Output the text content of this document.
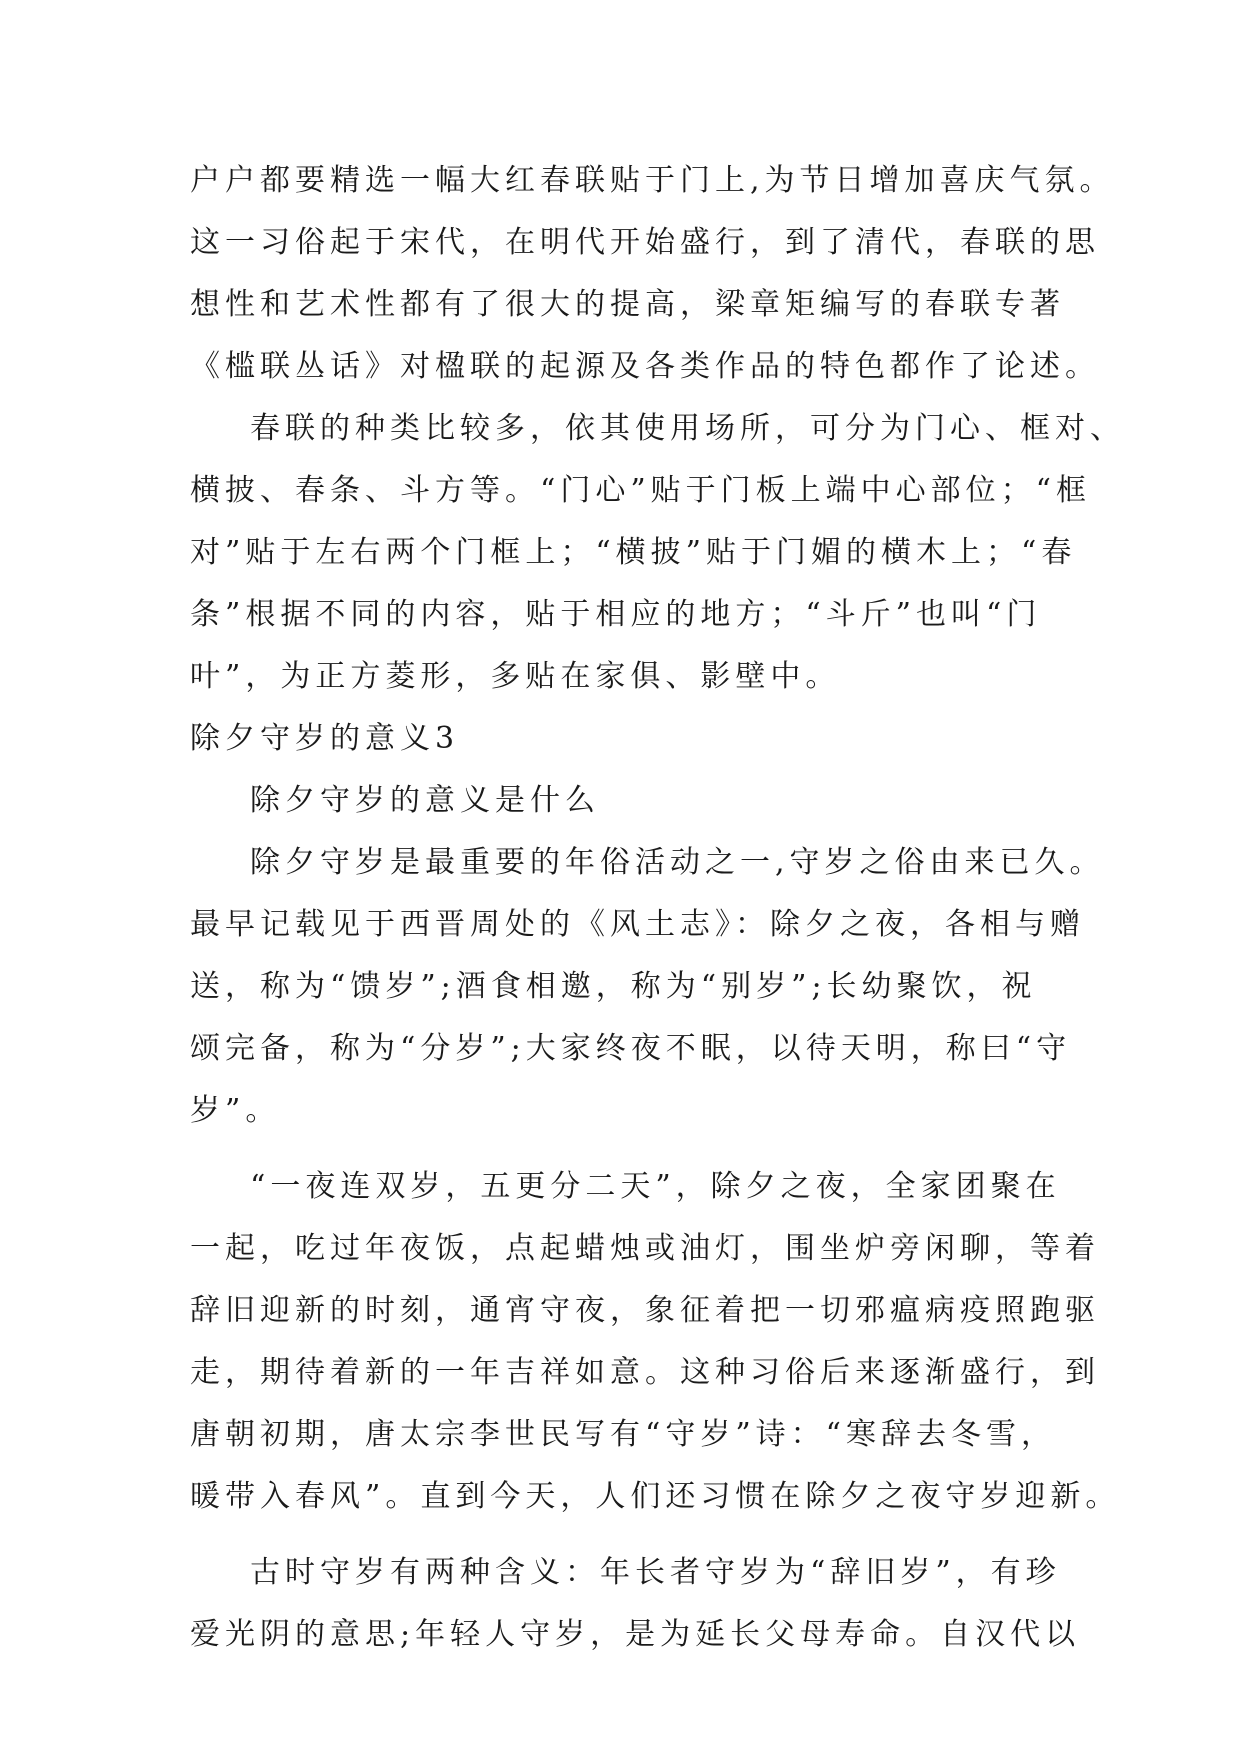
户户都要精选一幅大红春联贴于门上,为节日增加喜庆气氛。
这一习俗起于宋代，在明代开始盛行，到了清代，春联的思
想性和艺术性都有了很大的提高，梁章矩编写的春联专著
《槛联丛话》对楹联的起源及各类作品的特色都作了论述。
春联的种类比较多，依其使用场所，可分为门心、框对、
横披、春条、斗方等。“门心”贴于门板上端中心部位；“框
对”贴于左右两个门框上；“横披”贴于门媚的横木上；“春
条”根据不同的内容，贴于相应的地方；“斗斤”也叫“门
叶”，为正方菱形，多贴在家俱、影壁中。
除夕守岁的意义3
除夕守岁的意义是什么
除夕守岁是最重要的年俗活动之一,守岁之俗由来已久。
最早记载见于西晋周处的《风土志》：除夕之夜，各相与赠
送，称为“馈岁”;酒食相邀，称为“别岁”;长幼聚饮，祝
颂完备，称为“分岁”;大家终夜不眠，以待天明，称曰“守
岁”。
“一夜连双岁，五更分二天”，除夕之夜，全家团聚在
一起，吃过年夜饭，点起蜡烛或油灯，围坐炉旁闲聊，等着
辞旧迎新的时刻，通宵守夜，象征着把一切邪瘟病疫照跑驱
走，期待着新的一年吉祥如意。这种习俗后来逐渐盛行，到
唐朝初期，唐太宗李世民写有“守岁”诗：“寒辞去冬雪，
暖带入春风”。直到今天，人们还习惯在除夕之夜守岁迎新。
古时守岁有两种含义：年长者守岁为“辞旧岁”，有珍
爱光阴的意思;年轻人守岁，是为延长父母寿命。自汉代以
